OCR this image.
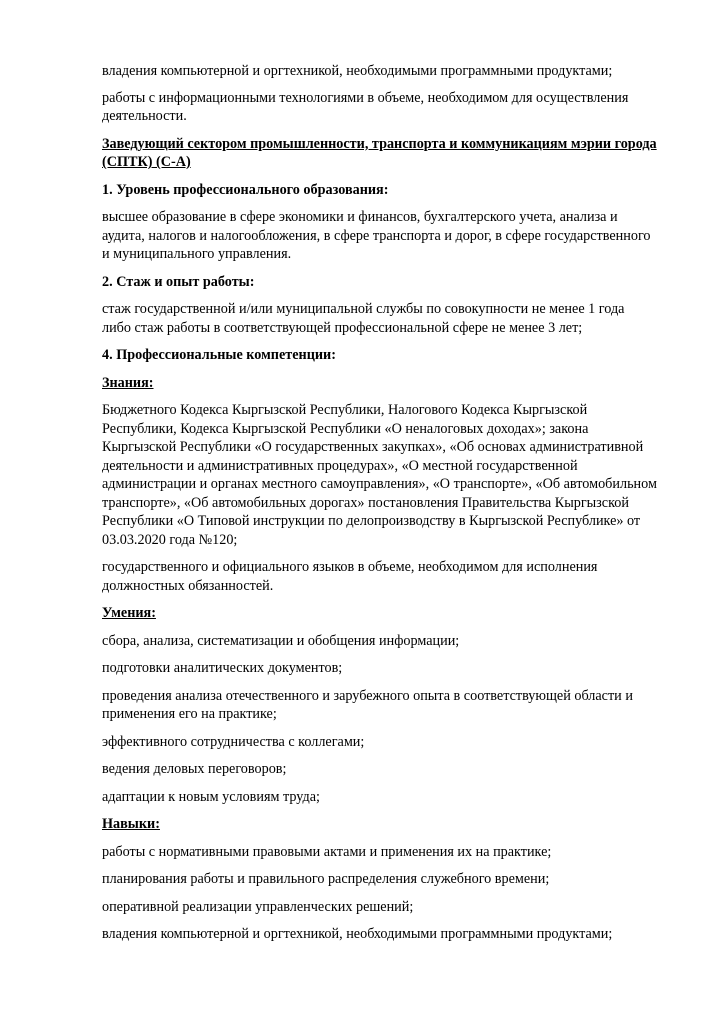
владения компьютерной и оргтехникой, необходимыми программными продуктами;

работы с информационными технологиями в объеме, необходимом для осуществления
деятельности.

Заведующий сектором промышленности, транспорта и коммуникациям мэрии города
(СПТК) (С-А)

1. Уровень профессионального образования:

высшее образование в сфере экономики и финансов, бухгалтерского учета, анализа и
аудита, налогов и налогообложения, в сфере транспорта и дорог, в сфере государственного
и муниципального управления.

2. Стаж и опыт работы:

стаж государственной и/или муниципальной службы по совокупности не менее 1 года
либо стаж работы в соответствующей профессиональной сфере не менее 3 лет;

4. Профессиональные компетенции:

Знания:

Бюджетного Кодекса Кыргызской Республики, Налогового Кодекса Кыргызской
Республики, Кодекса Кыргызской Республики «О неналоговых доходах»; закона
Кыргызской Республики «О государственных закупках», «Об основах административной
деятельности и административных процедурах», «О местной государственной
администрации и органах местного самоуправления», «О транспорте», «Об автомобильном
транспорте», «Об автомобильных дорогах» постановления Правительства Кыргызской
Республики «О Типовой инструкции по делопроизводству в Кыргызской Республике» от
03.03.2020 года №120;

государственного и официального языков в объеме, необходимом для исполнения
должностных обязанностей.

Умения:

сбора, анализа, систематизации и обобщения информации;

подготовки аналитических документов;

проведения анализа отечественного и зарубежного опыта в соответствующей области и
применения его на практике;

эффективного сотрудничества с коллегами;

ведения деловых переговоров;

адаптации к новым условиям труда;

Навыки:

работы с нормативными правовыми актами и применения их на практике;

планирования работы и правильного распределения служебного времени;

оперативной реализации управленческих решений;

владения компьютерной и оргтехникой, необходимыми программными продуктами;
